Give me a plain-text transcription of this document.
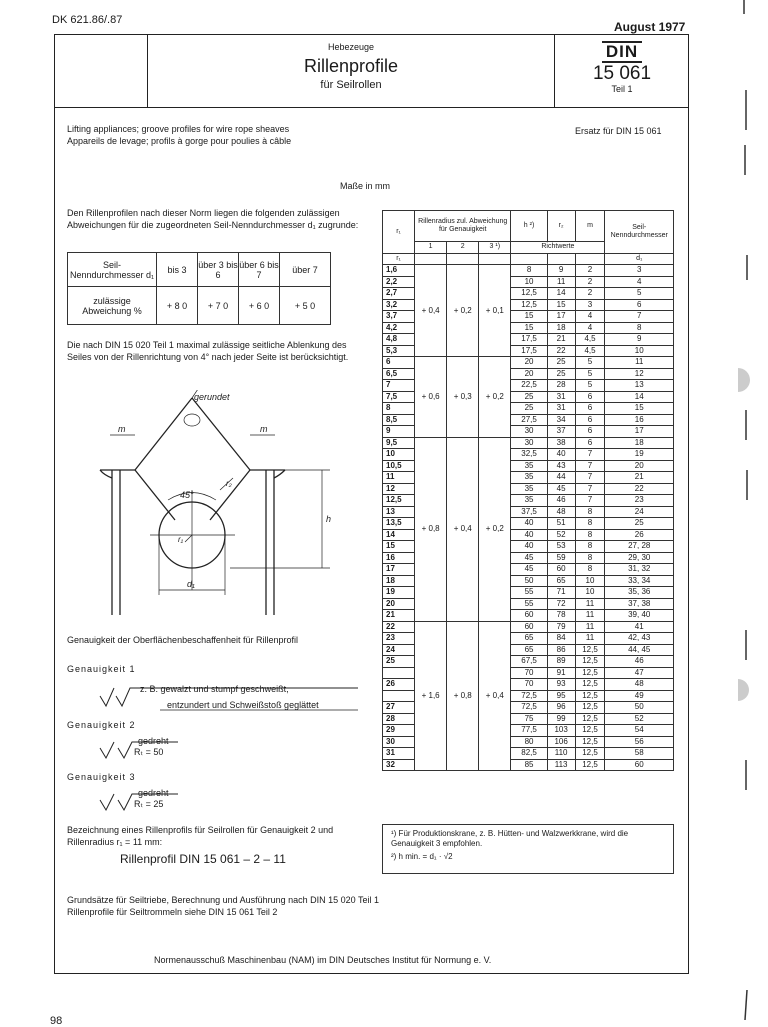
DK 621.86/.87	August 1977
Hebezeuge
Rillenprofile
für Seilrollen
DIN
15 061
Teil 1
Lifting appliances; groove profiles for wire rope sheaves
Appareils de levage; profils à gorge pour poulies à câble
Ersatz für DIN 15 061
Maße in mm
Den Rillenprofilen nach dieser Norm liegen die folgenden zulässigen Abweichungen für die zugeordneten Seil-Nenndurchmesser d₁ zugrunde:
Seil-Nenndurchmesser d₁	bis 3	über 3 bis 6	über 6 bis 7	über 7
zulässige Abweichung %	+ 8 0	+ 7 0	+ 6 0	+ 5 0
Die nach DIN 15 020 Teil 1 maximal zulässige seitliche Ablenkung des Seiles von der Rillenrichtung von 4° nach jeder Seite ist berücksichtigt.
gerundet
m	m
45°
h
r₁
r₂
d₁
Genauigkeit der Oberflächenbeschaffenheit für Rillenprofil
Genauigkeit 1
z. B. gewalzt und stumpf geschweißt,
entzundert und Schweißstoß geglättet
Genauigkeit 2
gedreht
Rₜ = 50
Genauigkeit 3
gedreht
Rₜ = 25
Bezeichnung eines Rillenprofils für Seilrollen für Genauigkeit 2 und Rillenradius r₁ = 11 mm:
Rillenprofil DIN 15 061 – 2 – 11
Grundsätze für Seiltriebe, Berechnung und Ausführung nach DIN 15 020 Teil 1
Rillenprofile für Seiltrommeln siehe DIN 15 061 Teil 2
Normenausschuß Maschinenbau (NAM) im DIN Deutsches Institut für Normung e. V.
r₁	Rillenradius zul. Abweichung für Genauigkeit			h ²)	r₂	m	Seil-Nenndurchmesser
	1	2	3 ¹)	Richtwerte			
r₁							d₁
1,6	+ 0,4	+ 0,2	+ 0,1	8	9	2	3
2,2				10	11	2	4
2,7				12,5	14	2	5
3,2				12,5	15	3	6
3,7				15	17	4	7
4,2				15	18	4	8
4,8				17,5	21	4,5	9
5,3				17,5	22	4,5	10
6	+ 0,6	+ 0,3	+ 0,2	20	25	5	11
6,5				20	25	5	12
7				22,5	28	5	13
7,5				25	31	6	14
8				25	31	6	15
8,5				27,5	34	6	16
9				30	37	6	17
9,5	+ 0,8	+ 0,4	+ 0,2	30	38	6	18
10				32,5	40	7	19
10,5				35	43	7	20
11				35	44	7	21
12				35	45	7	22
12,5				35	46	7	23
13				37,5	48	8	24
13,5				40	51	8	25
14				40	52	8	26
15				40	53	8	27, 28
16				45	59	8	29, 30
17				45	60	8	31, 32
18				50	65	10	33, 34
19				55	71	10	35, 36
20				55	72	11	37, 38
21				60	78	11	39, 40
22	+ 1,6	+ 0,8	+ 0,4	60	79	11	41
23				65	84	11	42, 43
24				65	86	12,5	44, 45
25				67,5	89	12,5	46
				70	91	12,5	47
26				70	93	12,5	48
				72,5	95	12,5	49
27				72,5	96	12,5	50
28				75	99	12,5	52
29				77,5	103	12,5	54
30				80	106	12,5	56
31				82,5	110	12,5	58
32				85	113	12,5	60
¹) Für Produktionskrane, z. B. Hütten- und Walzwerkkrane, wird die Genauigkeit 3 empfohlen.
²) h min. = d₁ · √2
98
